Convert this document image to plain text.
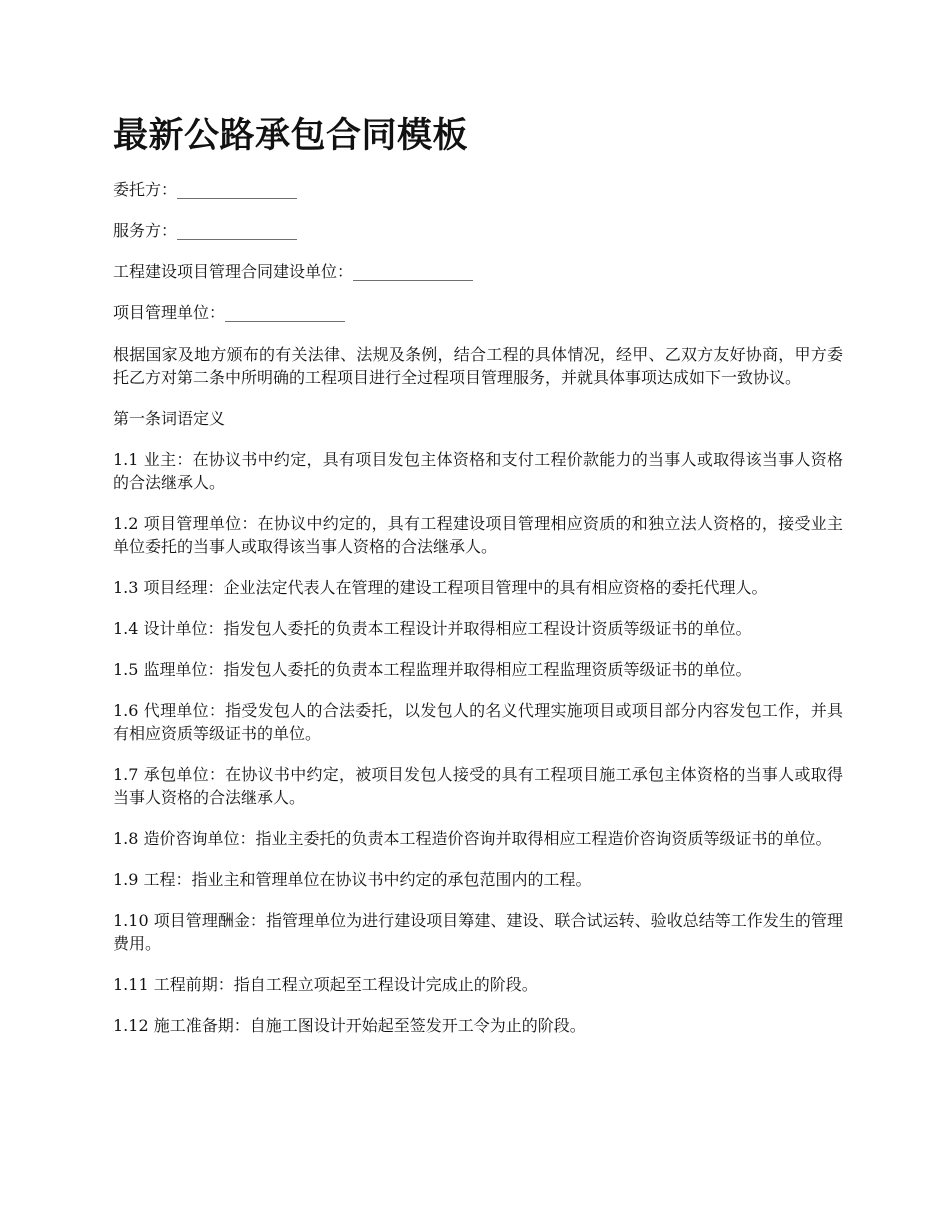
最新公路承包合同模板
委托方：_______________
服务方：_______________
工程建设项目管理合同建设单位：_______________
项目管理单位：_______________

根据国家及地方颁布的有关法律、法规及条例，结合工程的具体情况，经甲、乙双方友好协商，甲方委托乙方对第二条中所明确的工程项目进行全过程项目管理服务，并就具体事项达成如下一致协议。

第一条词语定义

1.1 业主：在协议书中约定，具有项目发包主体资格和支付工程价款能力的当事人或取得该当事人资格的合法继承人。

1.2 项目管理单位：在协议中约定的，具有工程建设项目管理相应资质的和独立法人资格的，接受业主单位委托的当事人或取得该当事人资格的合法继承人。

1.3 项目经理：企业法定代表人在管理的建设工程项目管理中的具有相应资格的委托代理人。

1.4 设计单位：指发包人委托的负责本工程设计并取得相应工程设计资质等级证书的单位。

1.5 监理单位：指发包人委托的负责本工程监理并取得相应工程监理资质等级证书的单位。

1.6 代理单位：指受发包人的合法委托，以发包人的名义代理实施项目或项目部分内容发包工作，并具有相应资质等级证书的单位。

1.7 承包单位：在协议书中约定，被项目发包人接受的具有工程项目施工承包主体资格的当事人或取得当事人资格的合法继承人。

1.8 造价咨询单位：指业主委托的负责本工程造价咨询并取得相应工程造价咨询资质等级证书的单位。

1.9 工程：指业主和管理单位在协议书中约定的承包范围内的工程。

1.10 项目管理酬金：指管理单位为进行建设项目筹建、建设、联合试运转、验收总结等工作发生的管理费用。

1.11 工程前期：指自工程立项起至工程设计完成止的阶段。

1.12 施工准备期：自施工图设计开始起至签发开工令为止的阶段。
